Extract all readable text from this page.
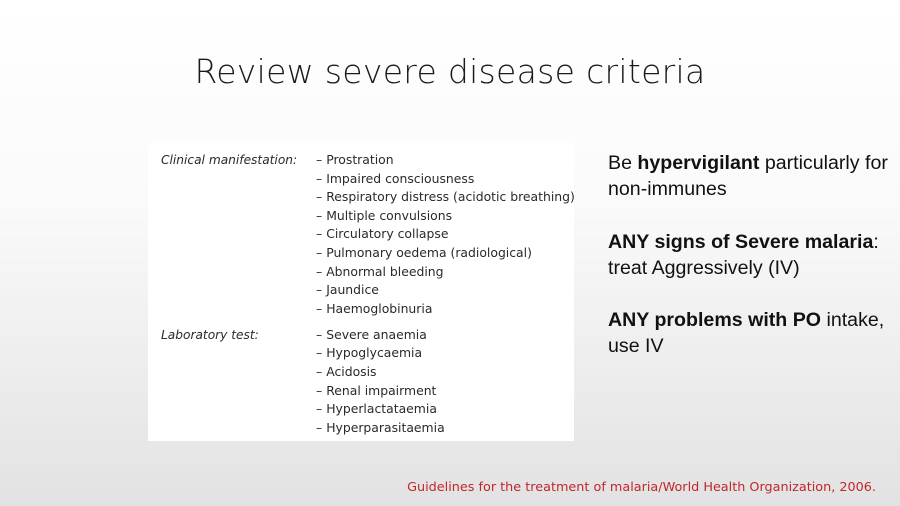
Review severe disease criteria
Clinical manifestation:	– Prostration
– Impaired consciousness
– Respiratory distress (acidotic breathing)
– Multiple convulsions
– Circulatory collapse
– Pulmonary oedema (radiological)
– Abnormal bleeding
– Jaundice
– Haemoglobinuria
Laboratory test:	– Severe anaemia
– Hypoglycaemia
– Acidosis
– Renal impairment
– Hyperlactataemia
– Hyperparasitaemia

Be hypervigilant particularly for non-immunes

ANY signs of Severe malaria: treat Aggressively (IV)

ANY problems with PO intake, use IV

Guidelines for the treatment of malaria/World Health Organization, 2006.
